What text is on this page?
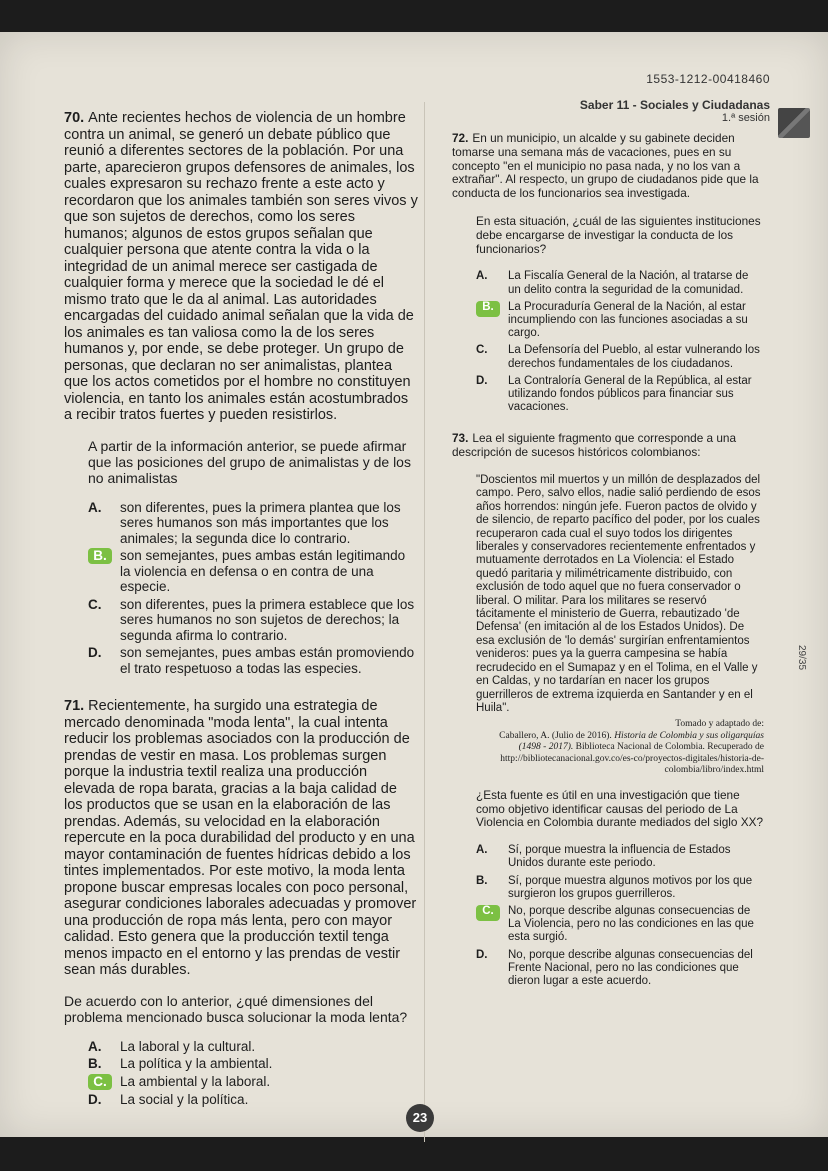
1553-1212-00418460
Saber 11 - Sociales y Ciudadanas
1.ª sesión
70. Ante recientes hechos de violencia de un hombre contra un animal, se generó un debate público que reunió a diferentes sectores de la población. Por una parte, aparecieron grupos defensores de animales, los cuales expresaron su rechazo frente a este acto y recordaron que los animales también son seres vivos y que son sujetos de derechos, como los seres humanos; algunos de estos grupos señalan que cualquier persona que atente contra la vida o la integridad de un animal merece ser castigada de cualquier forma y merece que la sociedad le dé el mismo trato que le da al animal. Las autoridades encargadas del cuidado animal señalan que la vida de los animales es tan valiosa como la de los seres humanos y, por ende, se debe proteger. Un grupo de personas, que declaran no ser animalistas, plantea que los actos cometidos por el hombre no constituyen violencia, en tanto los animales están acostumbrados a recibir tratos fuertes y pueden resistirlos.
A partir de la información anterior, se puede afirmar que las posiciones del grupo de animalistas y de los no animalistas
A.	son diferentes, pues la primera plantea que los seres humanos son más importantes que los animales; la segunda dice lo contrario.
B. son semejantes, pues ambas están legitimando la violencia en defensa o en contra de una especie.
C.	son diferentes, pues la primera establece que los seres humanos no son sujetos de derechos; la segunda afirma lo contrario.
D.	son semejantes, pues ambas están promoviendo el trato respetuoso a todas las especies.
71. Recientemente, ha surgido una estrategia de mercado denominada "moda lenta", la cual intenta reducir los problemas asociados con la producción de prendas de vestir en masa. Los problemas surgen porque la industria textil realiza una producción elevada de ropa barata, gracias a la baja calidad de los productos que se usan en la elaboración de las prendas. Además, su velocidad en la elaboración repercute en la poca durabilidad del producto y en una mayor contaminación de fuentes hídricas debido a los tintes implementados. Por este motivo, la moda lenta propone buscar empresas locales con poco personal, asegurar condiciones laborales adecuadas y promover una producción de ropa más lenta, pero con mayor calidad. Esto genera que la producción textil tenga menos impacto en el entorno y las prendas de vestir sean más durables.
De acuerdo con lo anterior, ¿qué dimensiones del problema mencionado busca solucionar la moda lenta?
A.	La laboral y la cultural.
B.	La política y la ambiental.
C. La ambiental y la laboral.
D.	La social y la política.
72. En un municipio, un alcalde y su gabinete deciden tomarse una semana más de vacaciones, pues en su concepto "en el municipio no pasa nada, y no los van a extrañar". Al respecto, un grupo de ciudadanos pide que la conducta de los funcionarios sea investigada.
En esta situación, ¿cuál de las siguientes instituciones debe encargarse de investigar la conducta de los funcionarios?
A.	La Fiscalía General de la Nación, al tratarse de un delito contra la seguridad de la comunidad.
B.	La Procuraduría General de la Nación, al estar incumpliendo con las funciones asociadas a su cargo.
C.	La Defensoría del Pueblo, al estar vulnerando los derechos fundamentales de los ciudadanos.
D.	La Contraloría General de la República, al estar utilizando fondos públicos para financiar sus vacaciones.
73. Lea el siguiente fragmento que corresponde a una descripción de sucesos históricos colombianos:
"Doscientos mil muertos y un millón de desplazados del campo. Pero, salvo ellos, nadie salió perdiendo de esos años horrendos: ningún jefe. Fueron pactos de olvido y de silencio, de reparto pacífico del poder, por los cuales recuperaron cada cual el suyo todos los dirigentes liberales y conservadores recientemente enfrentados y mutuamente derrotados en La Violencia: el Estado quedó paritaria y milimétricamente distribuido, con exclusión de todo aquel que no fuera conservador o liberal. O militar. Para los militares se reservó tácitamente el ministerio de Guerra, rebautizado 'de Defensa' (en imitación al de los Estados Unidos). De esa exclusión de 'lo demás' surgirían enfrentamientos venideros: pues ya la guerra campesina se había recrudecido en el Sumapaz y en el Tolima, en el Valle y en Caldas, y no tardarían en nacer los grupos guerrilleros de extrema izquierda en Santander y en el Huila".
Tomado y adaptado de:
Caballero, A. (Julio de 2016). Historia de Colombia y sus oligarquías (1498 - 2017). Biblioteca Nacional de Colombia. Recuperado de http://bibliotecanacional.gov.co/es-co/proyectos-digitales/historia-de-colombia/libro/index.html
¿Esta fuente es útil en una investigación que tiene como objetivo identificar causas del periodo de La Violencia en Colombia durante mediados del siglo XX?
A.	Sí, porque muestra la influencia de Estados Unidos durante este periodo.
B.	Sí, porque muestra algunos motivos por los que surgieron los grupos guerrilleros.
C.	No, porque describe algunas consecuencias de La Violencia, pero no las condiciones en las que esta surgió.
D.	No, porque describe algunas consecuencias del Frente Nacional, pero no las condiciones que dieron lugar a este acuerdo.
29/35
23
